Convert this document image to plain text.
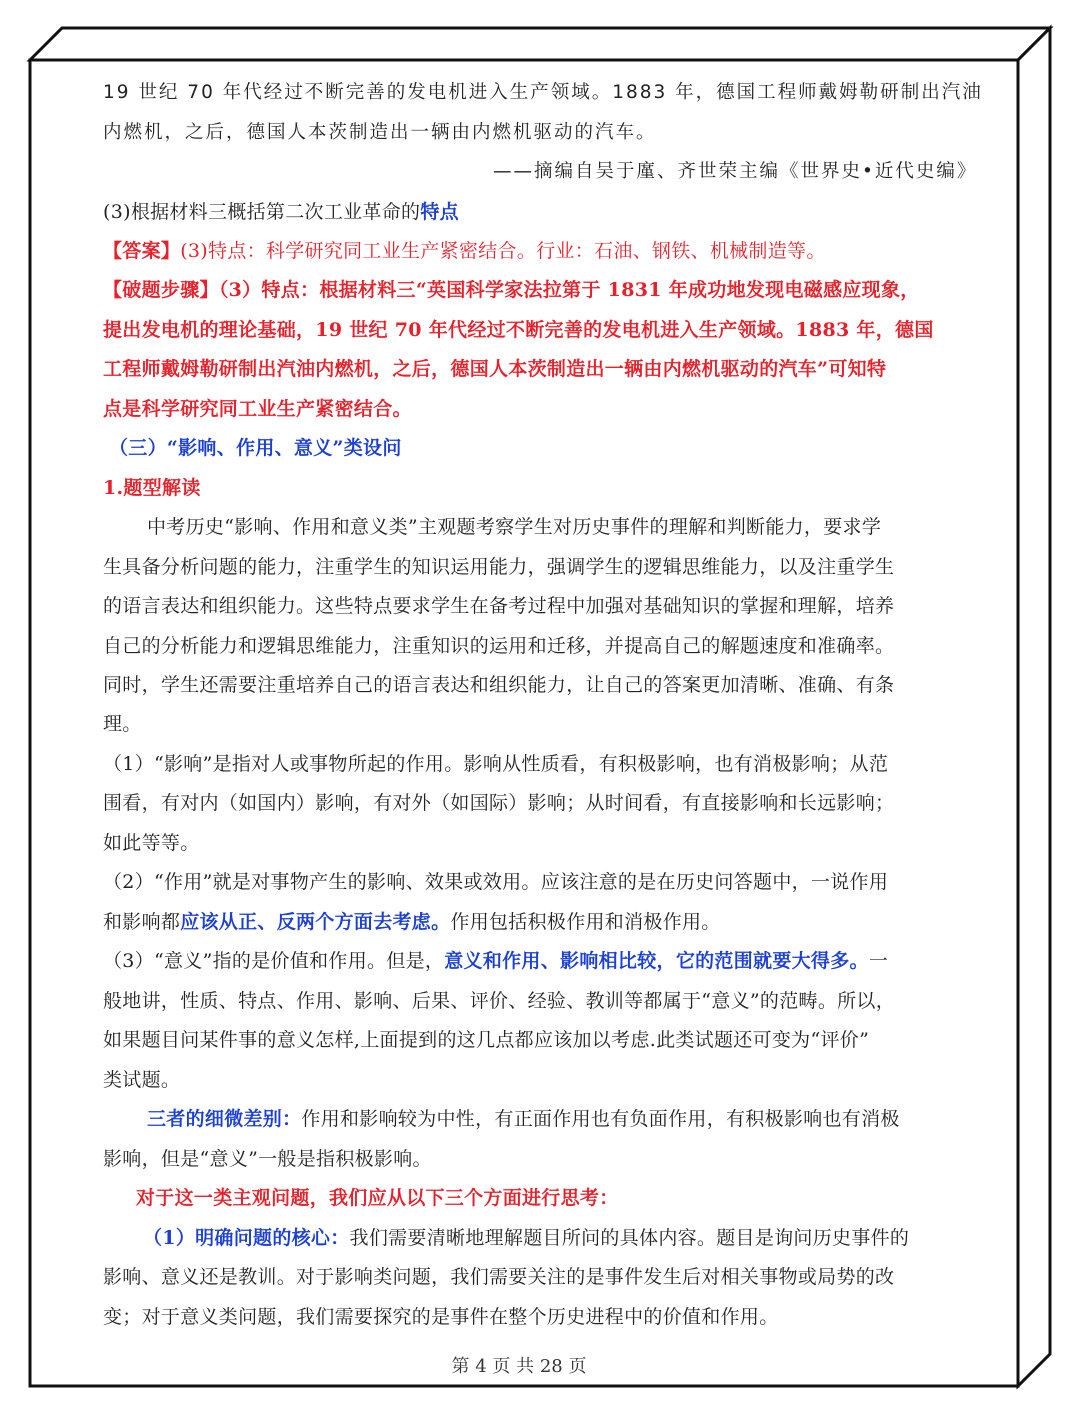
19 世纪 70 年代经过不断完善的发电机进入生产领域。1883 年，德国工程师戴姆勒研制出汽油
内燃机，之后，德国人本茨制造出一辆由内燃机驱动的汽车。
——摘编自吴于廑、齐世荣主编《世界史•近代史编》
(3)根据材料三概括第二次工业革命的特点
【答案】(3)特点：科学研究同工业生产紧密结合。行业：石油、钢铁、机械制造等。
【破题步骤】（3）特点：根据材料三“英国科学家法拉第于 1831 年成功地发现电磁感应现象，
提出发电机的理论基础，19 世纪 70 年代经过不断完善的发电机进入生产领域。1883 年，德国
工程师戴姆勒研制出汽油内燃机，之后，德国人本茨制造出一辆由内燃机驱动的汽车”可知特
点是科学研究同工业生产紧密结合。
（三）“影响、作用、意义”类设问
1.题型解读
中考历史“影响、作用和意义类”主观题考察学生对历史事件的理解和判断能力，要求学
生具备分析问题的能力，注重学生的知识运用能力，强调学生的逻辑思维能力，以及注重学生
的语言表达和组织能力。这些特点要求学生在备考过程中加强对基础知识的掌握和理解，培养
自己的分析能力和逻辑思维能力，注重知识的运用和迁移，并提高自己的解题速度和准确率。
同时，学生还需要注重培养自己的语言表达和组织能力，让自己的答案更加清晰、准确、有条
理。
（1）“影响”是指对人或事物所起的作用。影响从性质看，有积极影响，也有消极影响；从范
围看，有对内（如国内）影响，有对外（如国际）影响；从时间看，有直接影响和长远影响；
如此等等。
（2）“作用”就是对事物产生的影响、效果或效用。应该注意的是在历史问答题中，一说作用
和影响都应该从正、反两个方面去考虑。作用包括积极作用和消极作用。
（3）“意义”指的是价值和作用。但是，意义和作用、影响相比较，它的范围就要大得多。一
般地讲，性质、特点、作用、影响、后果、评价、经验、教训等都属于“意义”的范畴。所以，
如果题目问某件事的意义怎样,上面提到的这几点都应该加以考虑.此类试题还可变为“评价”
类试题。
三者的细微差别：作用和影响较为中性，有正面作用也有负面作用，有积极影响也有消极
影响，但是“意义”一般是指积极影响。
对于这一类主观问题，我们应从以下三个方面进行思考：
（1）明确问题的核心：我们需要清晰地理解题目所问的具体内容。题目是询问历史事件的
影响、意义还是教训。对于影响类问题，我们需要关注的是事件发生后对相关事物或局势的改
变；对于意义类问题，我们需要探究的是事件在整个历史进程中的价值和作用。
第 4 页 共 28 页
